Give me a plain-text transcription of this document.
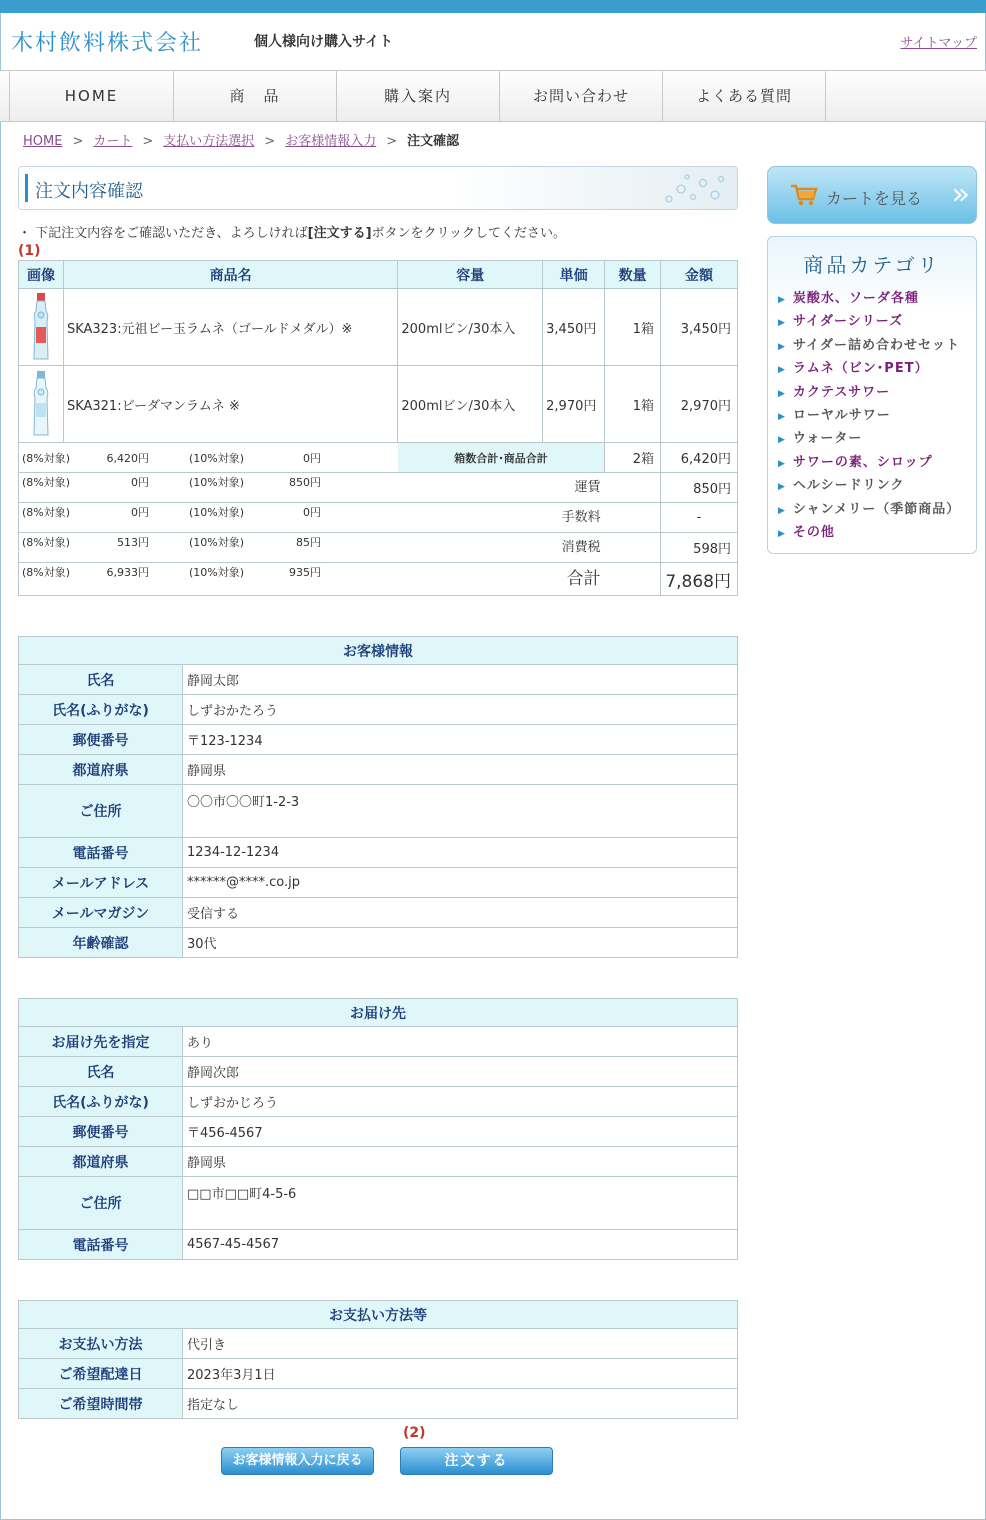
木村飲料株式会社	個人様向け購入サイト	サイトマップ
HOME	商　品	購入案内	お問い合わせ	よくある質問
HOME > カート > 支払い方法選択 > お客様情報入力 > 注文確認
注文内容確認
・ 下記注文内容をご確認いただき、よろしければ[注文する]ボタンをクリックしてください。
(1)
画像	商品名	容量	単価	数量	金額

	SKA323:元祖ビー玉ラムネ（ゴールドメダル）※	200mlビン/30本入	3,450円	1箱	3,450円

	SKA321:ビーダマンラムネ ※	200mlビン/30本入	2,970円	1箱	2,970円
(8%対象) 6,420円 (10%対象) 0円	箱数合計･商品合計	2箱	6,420円
(8%対象) 0円 (10%対象) 850円 運賃			850円
(8%対象) 0円 (10%対象) 0円 手数料			-
(8%対象) 513円 (10%対象) 85円 消費税			598円
(8%対象) 6,933円 (10%対象) 935円 合計			7,868円
お客様情報	
氏名	静岡太郎
氏名(ふりがな)	しずおかたろう
郵便番号	〒123-1234
都道府県	静岡県
ご住所	〇〇市〇〇町1-2-3
電話番号	1234-12-1234
メールアドレス	******@****.co.jp
メールマガジン	受信する
年齢確認	30代
お届け先	
お届け先を指定	あり
氏名	静岡次郎
氏名(ふりがな)	しずおかじろう
郵便番号	〒456-4567
都道府県	静岡県
ご住所	□□市□□町4-5-6
電話番号	4567-45-4567
お支払い方法等	
お支払い方法	代引き
ご希望配達日	2023年3月1日
ご希望時間帯	指定なし
カートを見る »
商品カテゴリ
▶ 炭酸水、ソーダ各種
▶ サイダーシリーズ
▶ サイダー詰め合わせセット
▶ ラムネ（ビン･PET）
▶ カクテスサワー
▶ ローヤルサワー
▶ ウォーター
▶ サワーの素、シロップ
▶ ヘルシードリンク
▶ シャンメリー（季節商品）
▶ その他
(2)
お客様情報入力に戻る	注文する
